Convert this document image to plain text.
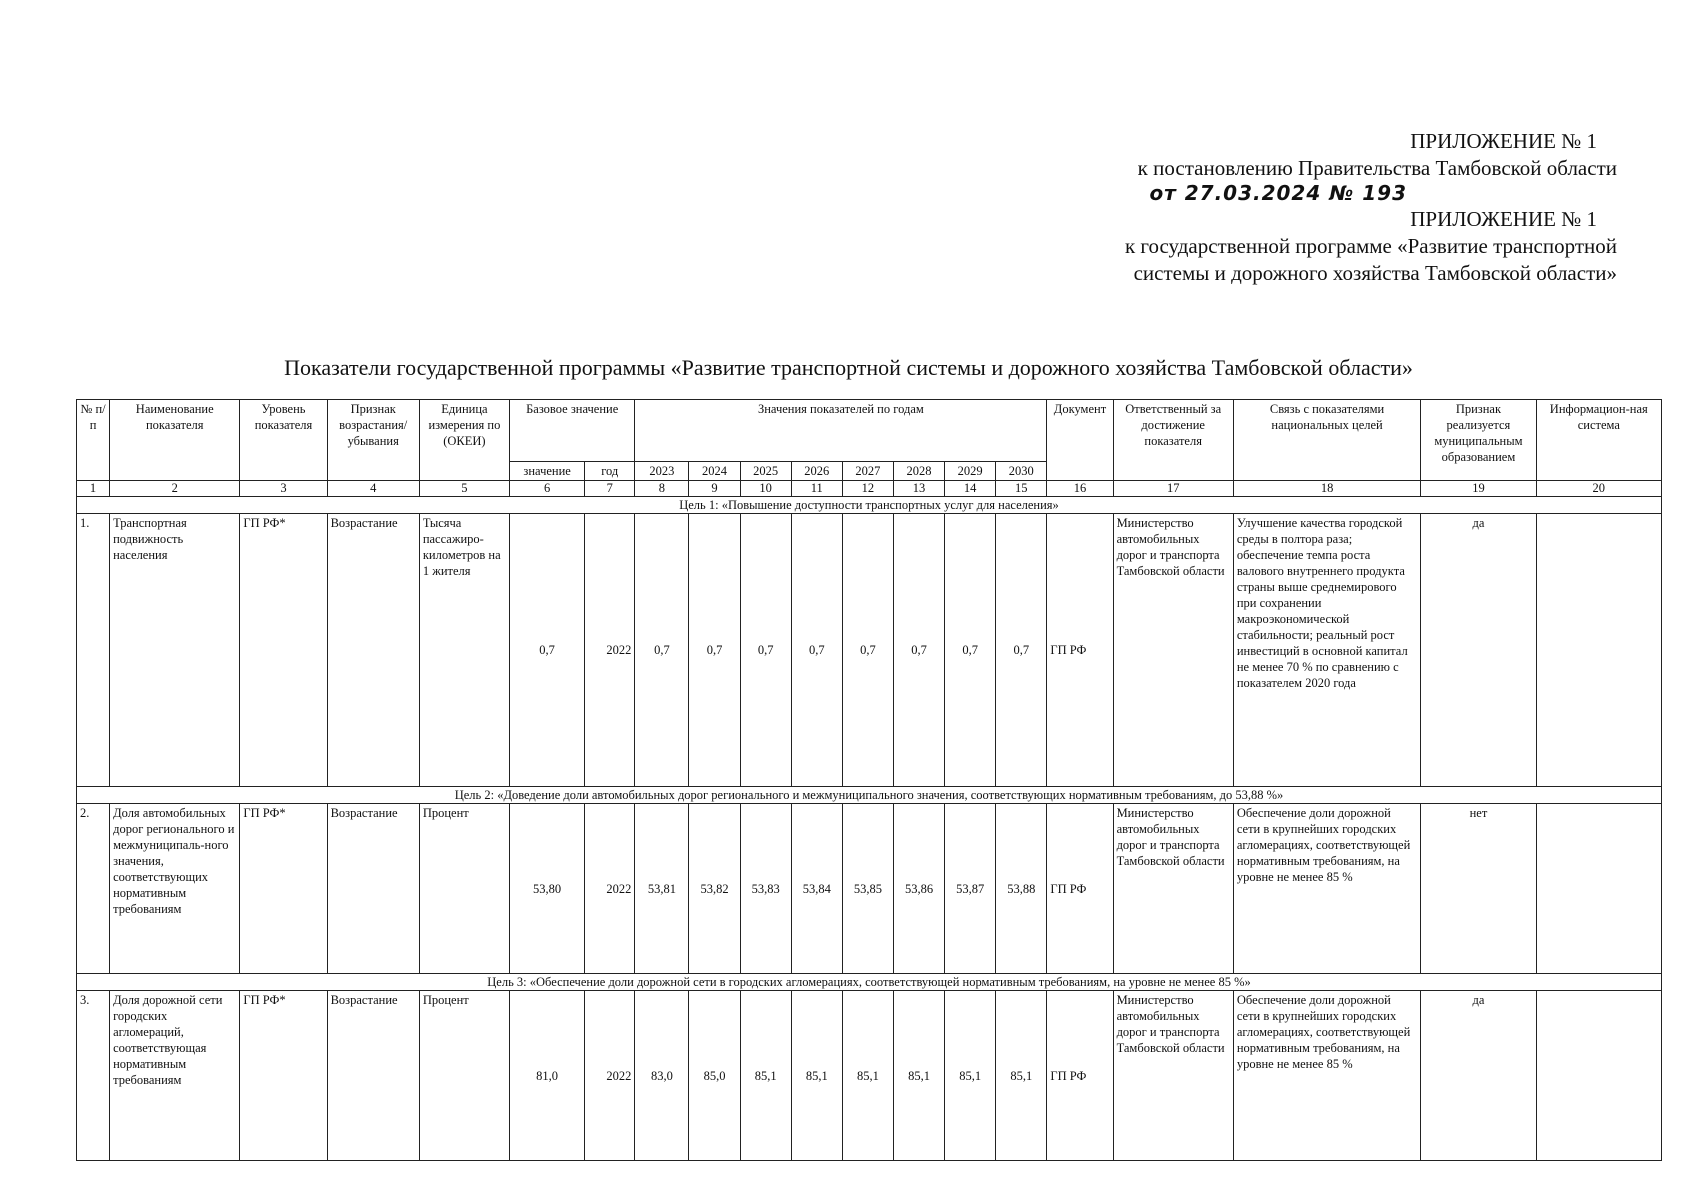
ПРИЛОЖЕНИЕ № 1
к постановлению Правительства Тамбовской области
от 27.03.2024 № 193
ПРИЛОЖЕНИЕ № 1
к государственной программе «Развитие транспортной
системы и дорожного хозяйства Тамбовской области»
Показатели государственной программы «Развитие транспортной системы и дорожного хозяйства Тамбовской области»
№ п/п	Наименование показателя	Уровень показателя	Признак возрастания/ убывания	Единица измерения по (ОКЕИ)	Базовое значение		Значения показателей по годам								Документ	Ответственный за достижение показателя	Связь с показателями национальных целей	Признак реализуется муниципальным образованием	Информацион-ная система
					значение	год	2023	2024	2025	2026	2027	2028	2029	2030					
1	2	3	4	5	6	7	8	9	10	11	12	13	14	15	16	17	18	19	20
Цель 1: «Повышение доступности транспортных услуг для населения»																			
1.	Транспортная подвижность населения	ГП РФ*	Возрастание	Тысяча пассажиро-километров на 1 жителя	0,7	2022	0,7	0,7	0,7	0,7	0,7	0,7	0,7	0,7	ГП РФ	Министерство автомобильных дорог и транспорта Тамбовской области	Улучшение качества городской среды в полтора раза; обеспечение темпа роста валового внутреннего продукта страны выше среднемирового при сохранении макроэкономической стабильности; реальный рост инвестиций в основной капитал не менее 70 % по сравнению с показателем 2020 года	да	
Цель 2: «Доведение доли автомобильных дорог регионального и межмуниципального значения, соответствующих нормативным требованиям, до 53,88 %»																			
2.	Доля автомобильных дорог регионального и межмуниципаль-ного значения, соответствующих нормативным требованиям	ГП РФ*	Возрастание	Процент	53,80	2022	53,81	53,82	53,83	53,84	53,85	53,86	53,87	53,88	ГП РФ	Министерство автомобильных дорог и транспорта Тамбовской области	Обеспечение доли дорожной сети в крупнейших городских агломерациях, соответствующей нормативным требованиям, на уровне не менее 85 %	нет	
Цель 3: «Обеспечение доли дорожной сети в городских агломерациях, соответствующей нормативным требованиям, на уровне не менее 85 %»																			
3.	Доля дорожной сети городских агломераций, соответствующая нормативным требованиям	ГП РФ*	Возрастание	Процент	81,0	2022	83,0	85,0	85,1	85,1	85,1	85,1	85,1	85,1	ГП РФ	Министерство автомобильных дорог и транспорта Тамбовской области	Обеспечение доли дорожной сети в крупнейших городских агломерациях, соответствующей нормативным требованиям, на уровне не менее 85 %	да	
